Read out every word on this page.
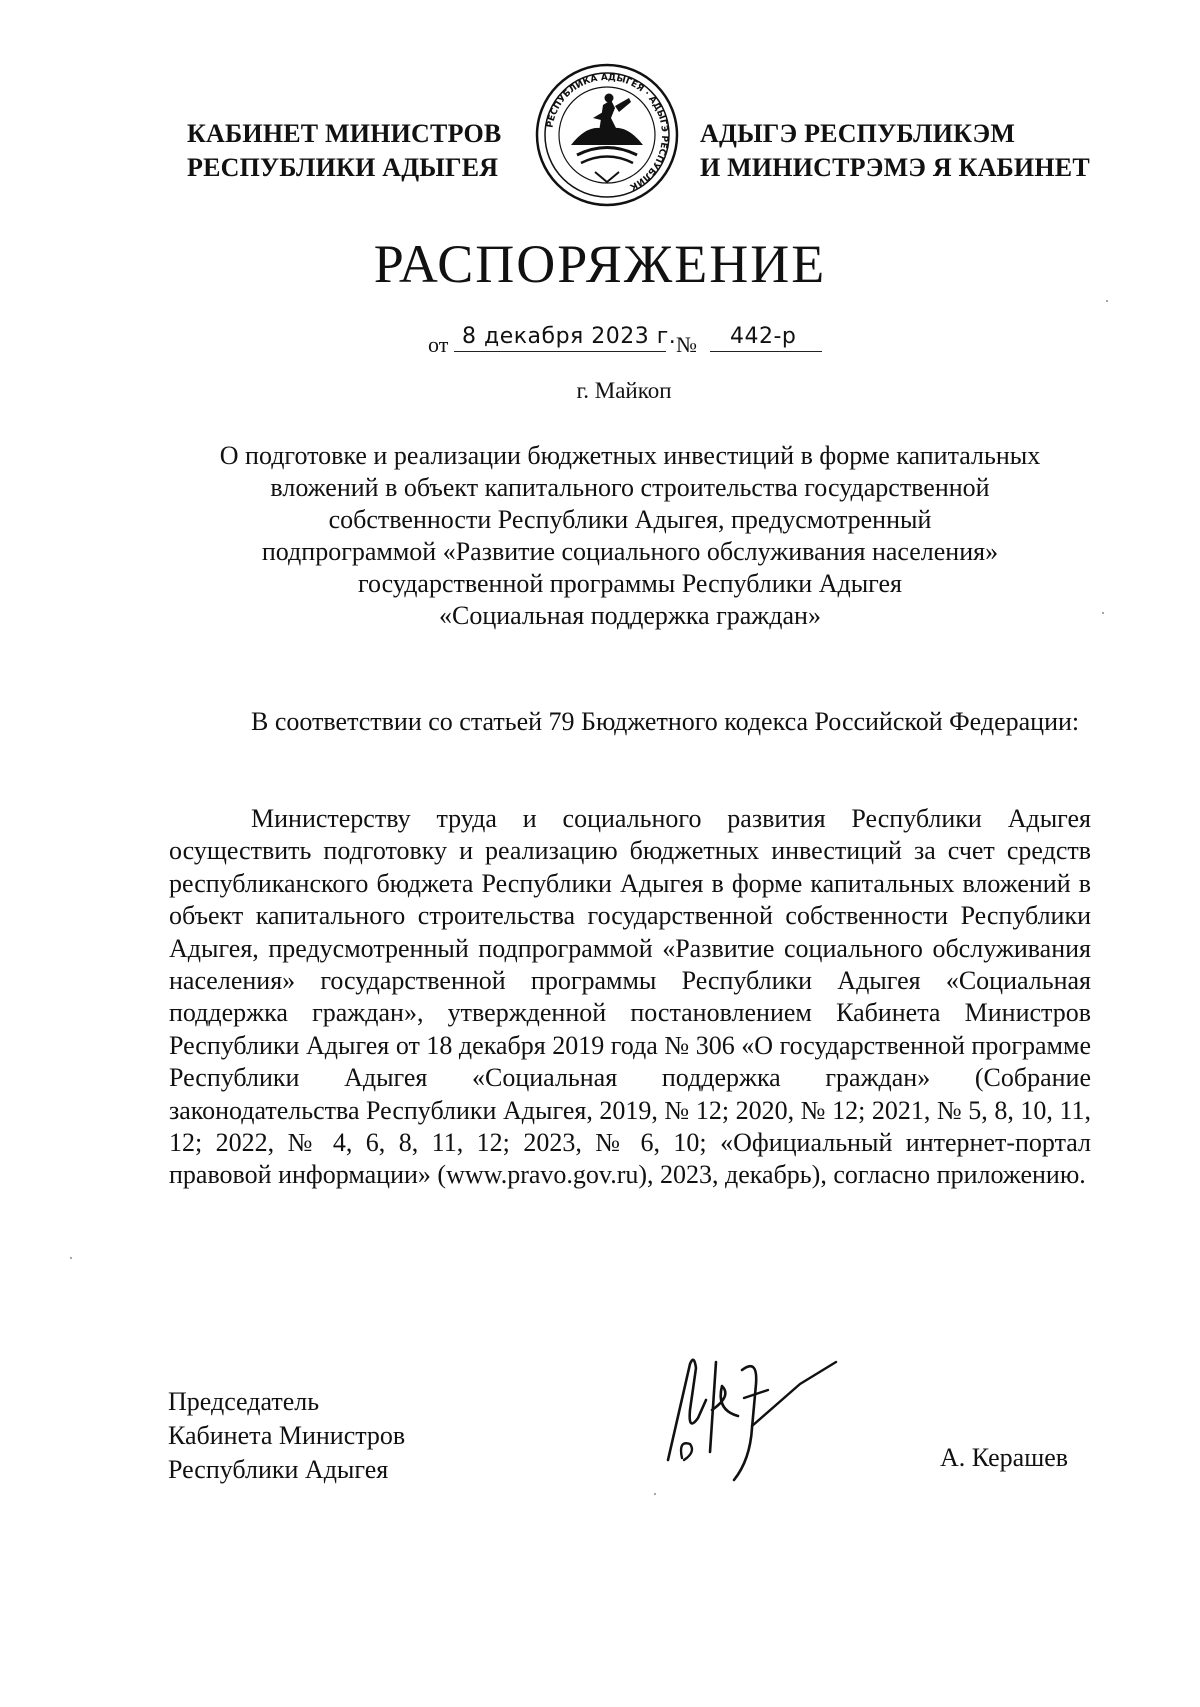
КАБИНЕТ МИНИСТРОВ
РЕСПУБЛИКИ АДЫГЕЯ
РЕСПУБЛИКА АДЫГЕЯ · АДЫГЭ РЕСПУБЛИК
АДЫГЭ РЕСПУБЛИКЭМ
И МИНИСТРЭМЭ Я КАБИНЕТ
РАСПОРЯЖЕНИЕ
от 8 декабря 2023 г. № 442-р
г. Майкоп
О подготовке и реализации бюджетных инвестиций в форме капитальных
вложений в объект капитального строительства государственной
собственности Республики Адыгея, предусмотренный
подпрограммой «Развитие социального обслуживания населения»
государственной программы Республики Адыгея
«Социальная поддержка граждан»
В соответствии со статьей 79 Бюджетного кодекса Российской Федерации:
Министерству труда и социального развития Республики Адыгея осуществить подготовку и реализацию бюджетных инвестиций за счет средств республиканского бюджета Республики Адыгея в форме капитальных вложений в объект капитального строительства государственной собственности Республики Адыгея, предусмотренный подпрограммой «Развитие социального обслуживания населения» государственной программы Республики Адыгея «Социальная поддержка граждан», утвержденной постановлением Кабинета Министров Республики Адыгея от 18 декабря 2019 года № 306 «О государственной программе Республики Адыгея «Социальная поддержка граждан» (Собрание законодательства Республики Адыгея, 2019, № 12; 2020, № 12; 2021, № 5, 8, 10, 11, 12; 2022, № 4, 6, 8, 11, 12; 2023, № 6, 10; «Официальный интернет-портал правовой информации» (www.pravo.gov.ru), 2023, декабрь), согласно приложению.
Председатель
Кабинета Министров
Республики Адыгея	А. Керашев
